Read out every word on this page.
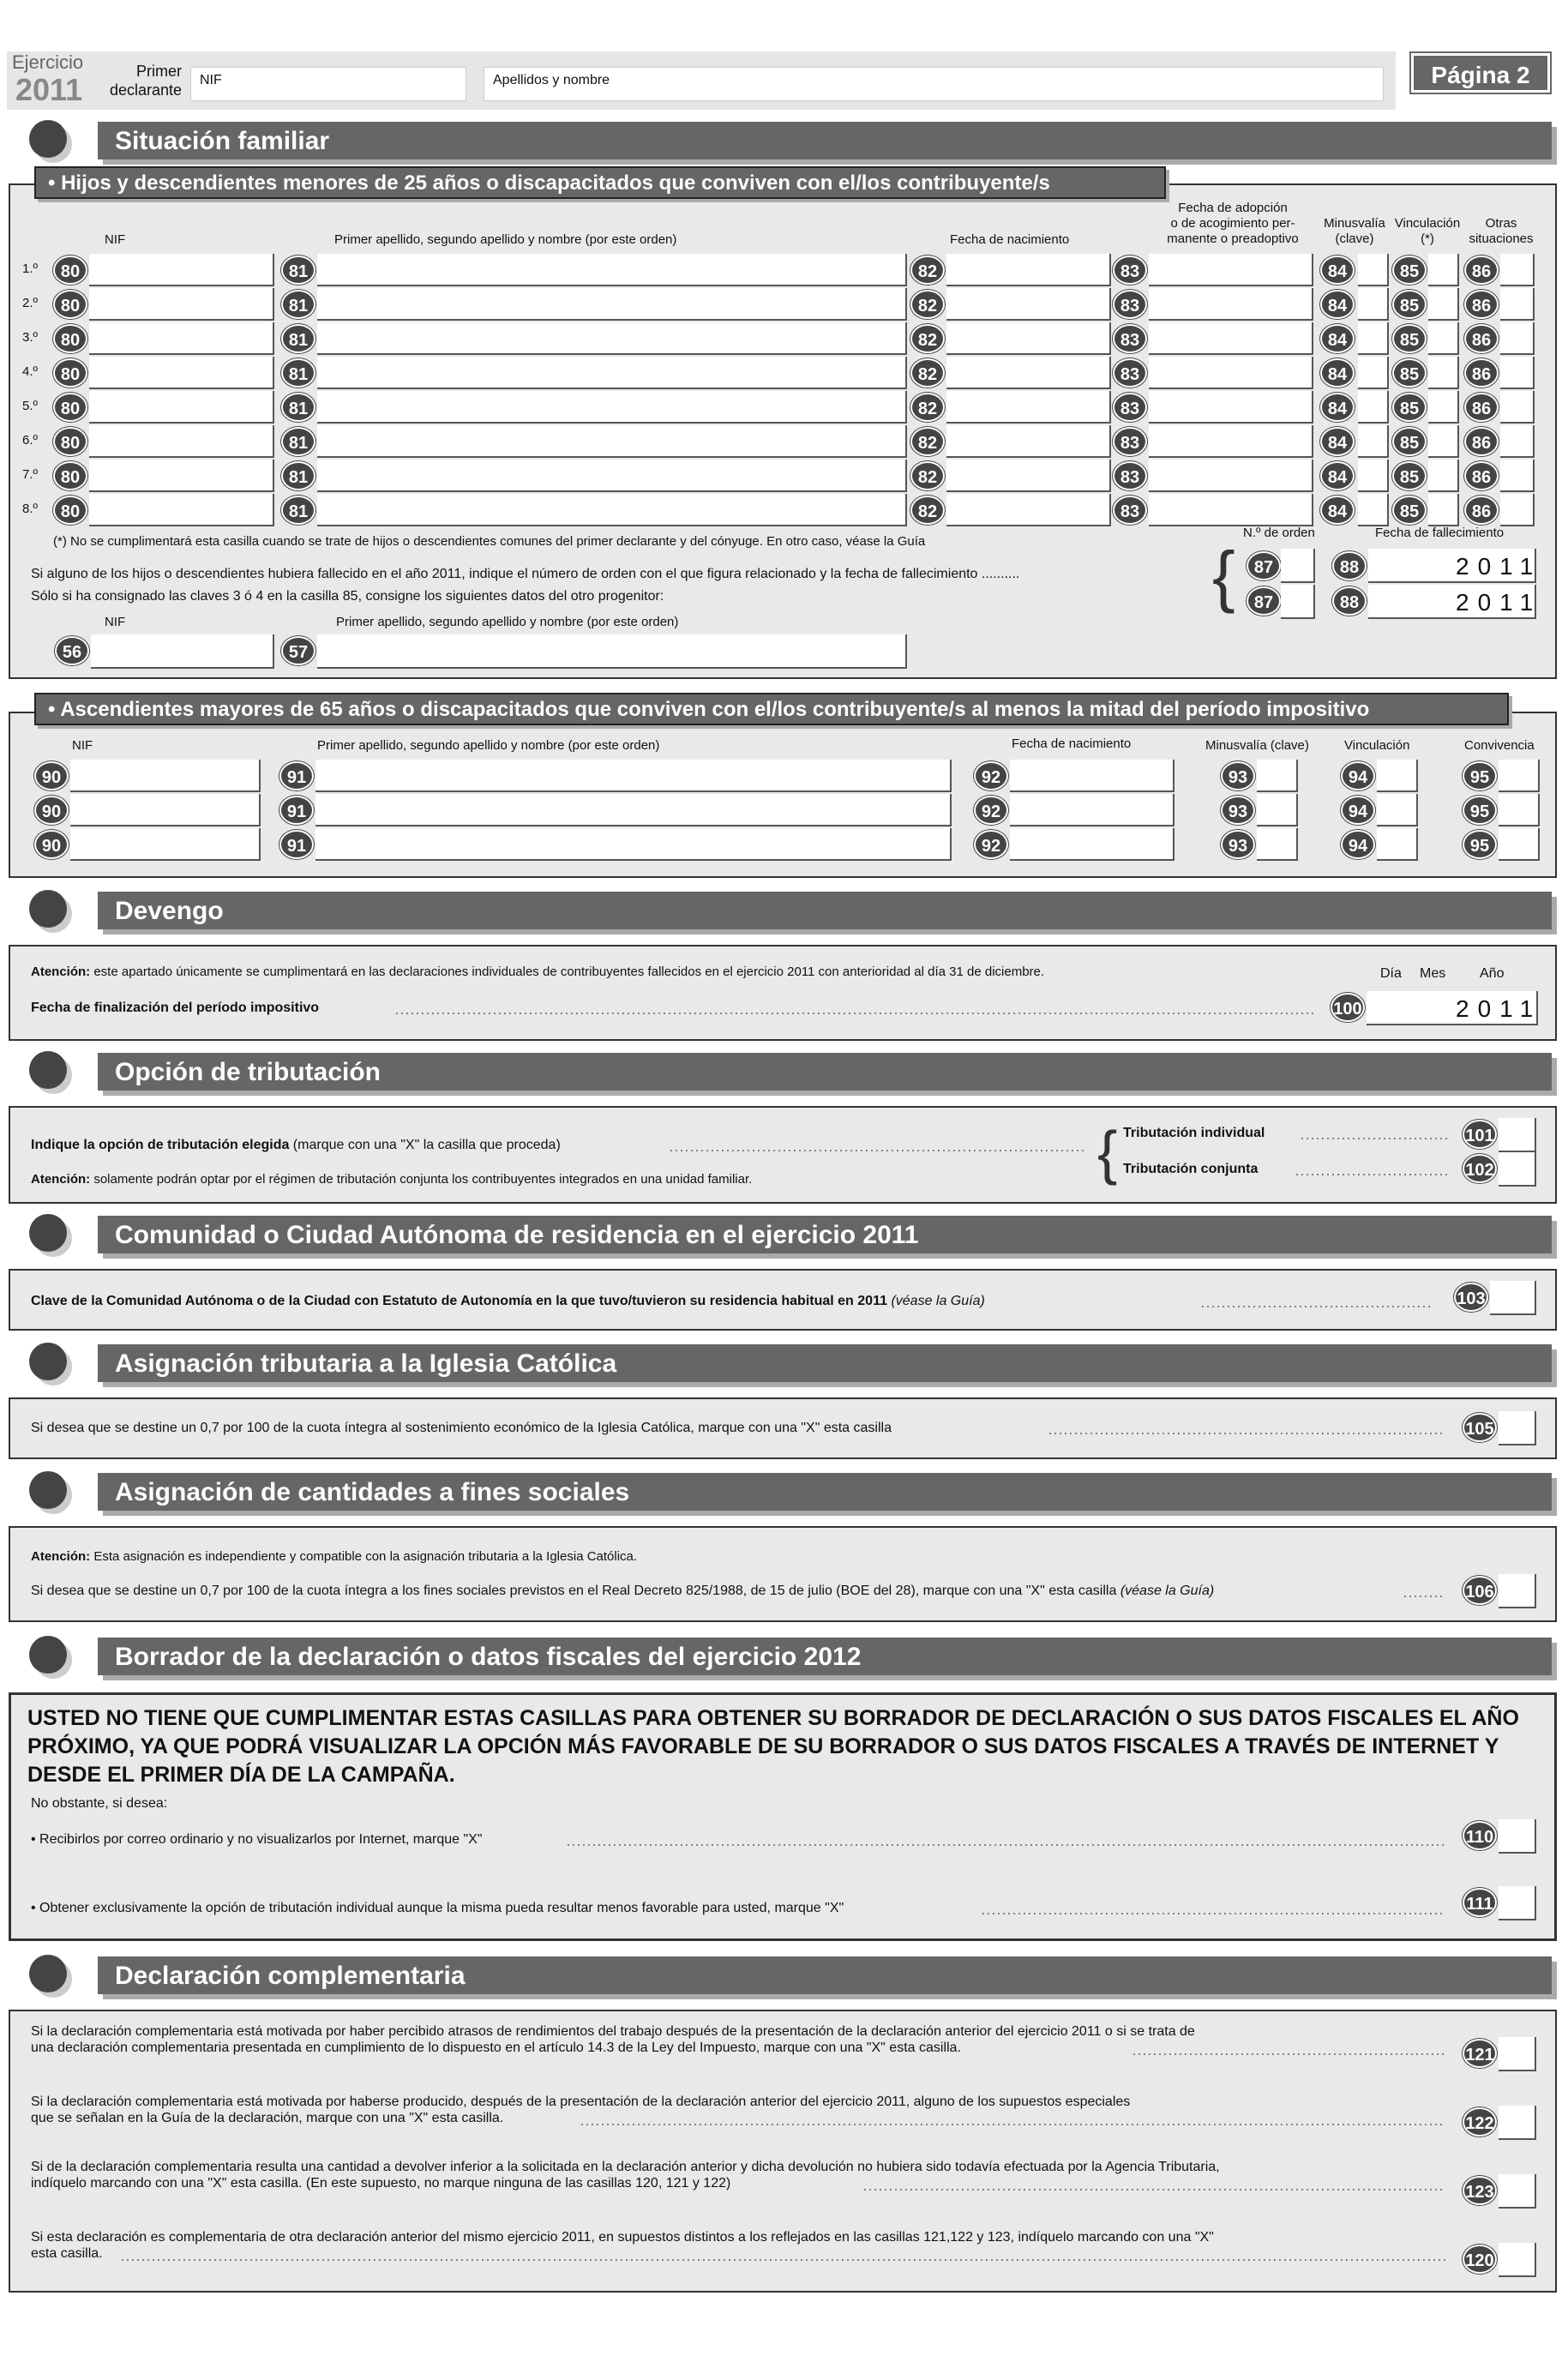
Ejercicio
2011
Primer declarante
NIF	Apellidos y nombre	Página 2
Situación familiar
• Hijos y descendientes menores de 25 años o discapacitados que conviven con el/los contribuyente/s
NIF	Primer apellido, segundo apellido y nombre (por este orden)	Fecha de nacimiento
Fecha de adopción
o de acogimiento per-
manente o preadoptivo
Minusvalía
(clave)
Vinculación
(*)
Otras
situaciones
1.º	80	81	82	83	84	85	86
2.º	80	81	82	83	84	85	86
3.º	80	81	82	83	84	85	86
4.º	80	81	82	83	84	85	86
5.º	80	81	82	83	84	85	86
6.º	80	81	82	83	84	85	86
7.º	80	81	82	83	84	85	86
8.º	80	81	82	83	84	85	86
(*) No se cumplimentará esta casilla cuando se trate de hijos o descendientes comunes del primer declarante y del cónyuge. En otro caso, véase la Guía
N.º de orden	Fecha de fallecimiento
Si alguno de los hijos o descendientes hubiera fallecido en el año 2011, indique el número de orden con el que figura relacionado y la fecha de fallecimiento ..........
Sólo si ha consignado las claves 3 ó 4 en la casilla 85, consigne los siguientes datos del otro progenitor:	{	87	88	2011
87	88	2011
NIF	Primer apellido, segundo apellido y nombre (por este orden)
56	57
• Ascendientes mayores de 65 años o discapacitados que conviven con el/los contribuyente/s al menos la mitad del período impositivo
NIF	Primer apellido, segundo apellido y nombre (por este orden)	Fecha de nacimiento	Minusvalía (clave)	Vinculación	Convivencia
90	91	92	93	94	95
90	91	92	93	94	95
90	91	92	93	94	95
Devengo
Atención: este apartado únicamente se cumplimentará en las declaraciones individuales de contribuyentes fallecidos en el ejercicio 2011 con anterioridad al día 31 de diciembre.	Día Mes Año
Fecha de finalización del período impositivo	100	2011
Opción de tributación
Indique la opción de tributación elegida (marque con una "X" la casilla que proceda)
Atención: solamente podrán optar por el régimen de tributación conjunta los contribuyentes integrados en una unidad familiar.	{ Tributación individual	101
Tributación conjunta	102
Comunidad o Ciudad Autónoma de residencia en el ejercicio 2011
Clave de la Comunidad Autónoma o de la Ciudad con Estatuto de Autonomía en la que tuvo/tuvieron su residencia habitual en 2011 (véase la Guía)	103
Asignación tributaria a la Iglesia Católica
Si desea que se destine un 0,7 por 100 de la cuota íntegra al sostenimiento económico de la Iglesia Católica, marque con una "X" esta casilla	105
Asignación de cantidades a fines sociales
Atención: Esta asignación es independiente y compatible con la asignación tributaria a la Iglesia Católica.
Si desea que se destine un 0,7 por 100 de la cuota íntegra a los fines sociales previstos en el Real Decreto 825/1988, de 15 de julio (BOE del 28), marque con una "X" esta casilla (véase la Guía)	106
Borrador de la declaración o datos fiscales del ejercicio 2012
USTED NO TIENE QUE CUMPLIMENTAR ESTAS CASILLAS PARA OBTENER SU BORRADOR DE DECLARACIÓN O SUS DATOS FISCALES EL AÑO PRÓXIMO, YA QUE PODRÁ VISUALIZAR LA OPCIÓN MÁS FAVORABLE DE SU BORRADOR O SUS DATOS FISCALES A TRAVÉS DE INTERNET Y DESDE EL PRIMER DÍA DE LA CAMPAÑA.
No obstante, si desea:
• Recibirlos por correo ordinario y no visualizarlos por Internet, marque "X"	110
• Obtener exclusivamente la opción de tributación individual aunque la misma pueda resultar menos favorable para usted, marque "X"	111
Declaración complementaria
Si la declaración complementaria está motivada por haber percibido atrasos de rendimientos del trabajo después de la presentación de la declaración anterior del ejercicio 2011 o si se trata de
una declaración complementaria presentada en cumplimiento de lo dispuesto en el artículo 14.3 de la Ley del Impuesto, marque con una "X" esta casilla.	121
Si la declaración complementaria está motivada por haberse producido, después de la presentación de la declaración anterior del ejercicio 2011, alguno de los supuestos especiales
que se señalan en la Guía de la declaración, marque con una "X" esta casilla.	122
Si de la declaración complementaria resulta una cantidad a devolver inferior a la solicitada en la declaración anterior y dicha devolución no hubiera sido todavía efectuada por la Agencia Tributaria,
indíquelo marcando con una "X" esta casilla. (En este supuesto, no marque ninguna de las casillas 120, 121 y 122)	123
Si esta declaración es complementaria de otra declaración anterior del mismo ejercicio 2011, en supuestos distintos a los reflejados en las casillas 121,122 y 123, indíquelo marcando con una "X"
esta casilla.	120
